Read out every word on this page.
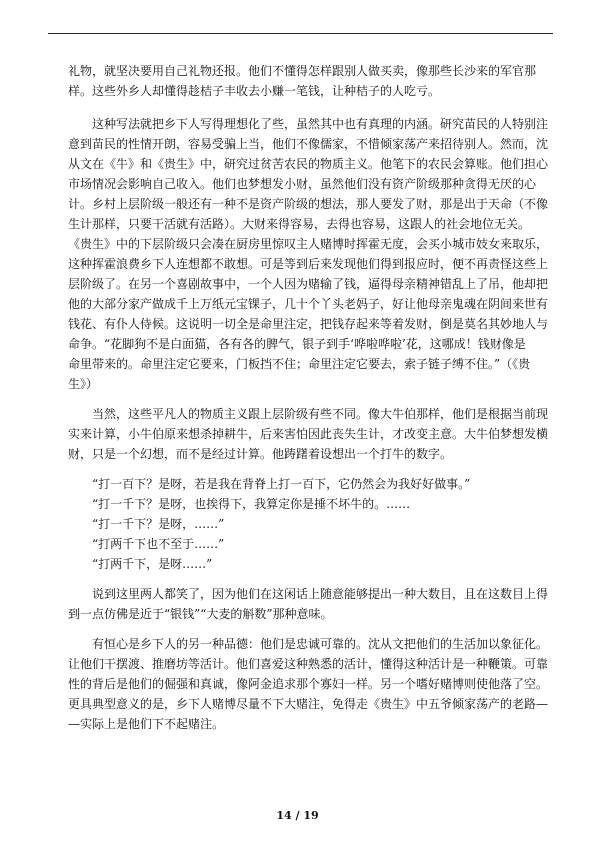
礼物，就坚决要用自己礼物还报。他们不懂得怎样跟别人做买卖，像那些长沙来的军官那
样。这些外乡人却懂得趁桔子丰收去小赚一笔钱，让种桔子的人吃亏。
　　这种写法就把乡下人写得理想化了些，虽然其中也有真理的内涵。研究苗民的人特别注
意到苗民的性情开朗，容易受骗上当，他们不像儒家，不惜倾家荡产来招待别人。然而，沈
从文在《牛》和《贵生》中，研究过贫苦农民的物质主义。他笔下的农民会算账。他们担心
市场情况会影响自己收入。他们也梦想发小财，虽然他们没有资产阶级那种贪得无厌的心
计。乡村上层阶级一般还有一种不是资产阶级的想法，那人要发了财，那是出于天命（不像
生计那样，只要干活就有活路）。大财来得容易，去得也容易，这跟人的社会地位无关。
《贵生》中的下层阶级只会凑在厨房里惊叹主人赌博时挥霍无度，会买小城市妓女来取乐，
这种挥霍浪费乡下人连想都不敢想。可是等到后来发现他们得到报应时，便不再责怪这些上
层阶级了。在另一个喜剧故事中，一个人因为赌输了钱，逼得母亲精神错乱上了吊，他却把
他的大部分家产做成千上万纸元宝锞子，几十个丫头老妈子，好让他母亲鬼魂在阴间来世有
钱花、有仆人侍候。这说明一切全是命里注定，把钱存起来等着发财，倒是莫名其妙地人与
命争。“花脚狗不是白面猫，各有各的脾气，银子到手‘哗啦哗啦’花，这哪成！钱财像是
命里带来的。命里注定它要来，门板挡不住；命里注定它要去，索子链子缚不住。”（《贵
生》）
　　当然，这些平凡人的物质主义跟上层阶级有些不同。像大牛伯那样，他们是根据当前现
实来计算，小牛伯原来想杀掉耕牛，后来害怕因此丧失生计，才改变主意。大牛伯梦想发横
财，只是一个幻想，而不是经过计算。他踌躇着设想出一个打牛的数字。
　　“打一百下？是呀，若是我在背脊上打一百下，它仍然会为我好好做事。”
　　“打一千下？是呀，也挨得下，我算定你是捶不坏牛的。……
　　“打一千下？是呀，……”
　　“打两千下也不至于……”
　　“打两千下，是呀……”
　　说到这里两人都笑了，因为他们在这闲话上随意能够提出一种大数目，且在这数目上得
到一点仿佛是近于“银钱”“大麦的斛数”那种意味。
　　有恒心是乡下人的另一种品德：他们是忠诚可靠的。沈从文把他们的生活加以象征化。
让他们干摆渡、推磨坊等活计。他们喜爱这种熟悉的活计，懂得这种活计是一种鞭策。可靠
性的背后是他们的倔强和真诚，像阿金追求那个寡妇一样。另一个嗜好赌博则使他落了空。
更具典型意义的是，乡下人赌博尽量不下大赌注，免得走《贵生》中五爷倾家荡产的老路—
—实际上是他们下不起赌注。
14 / 19
